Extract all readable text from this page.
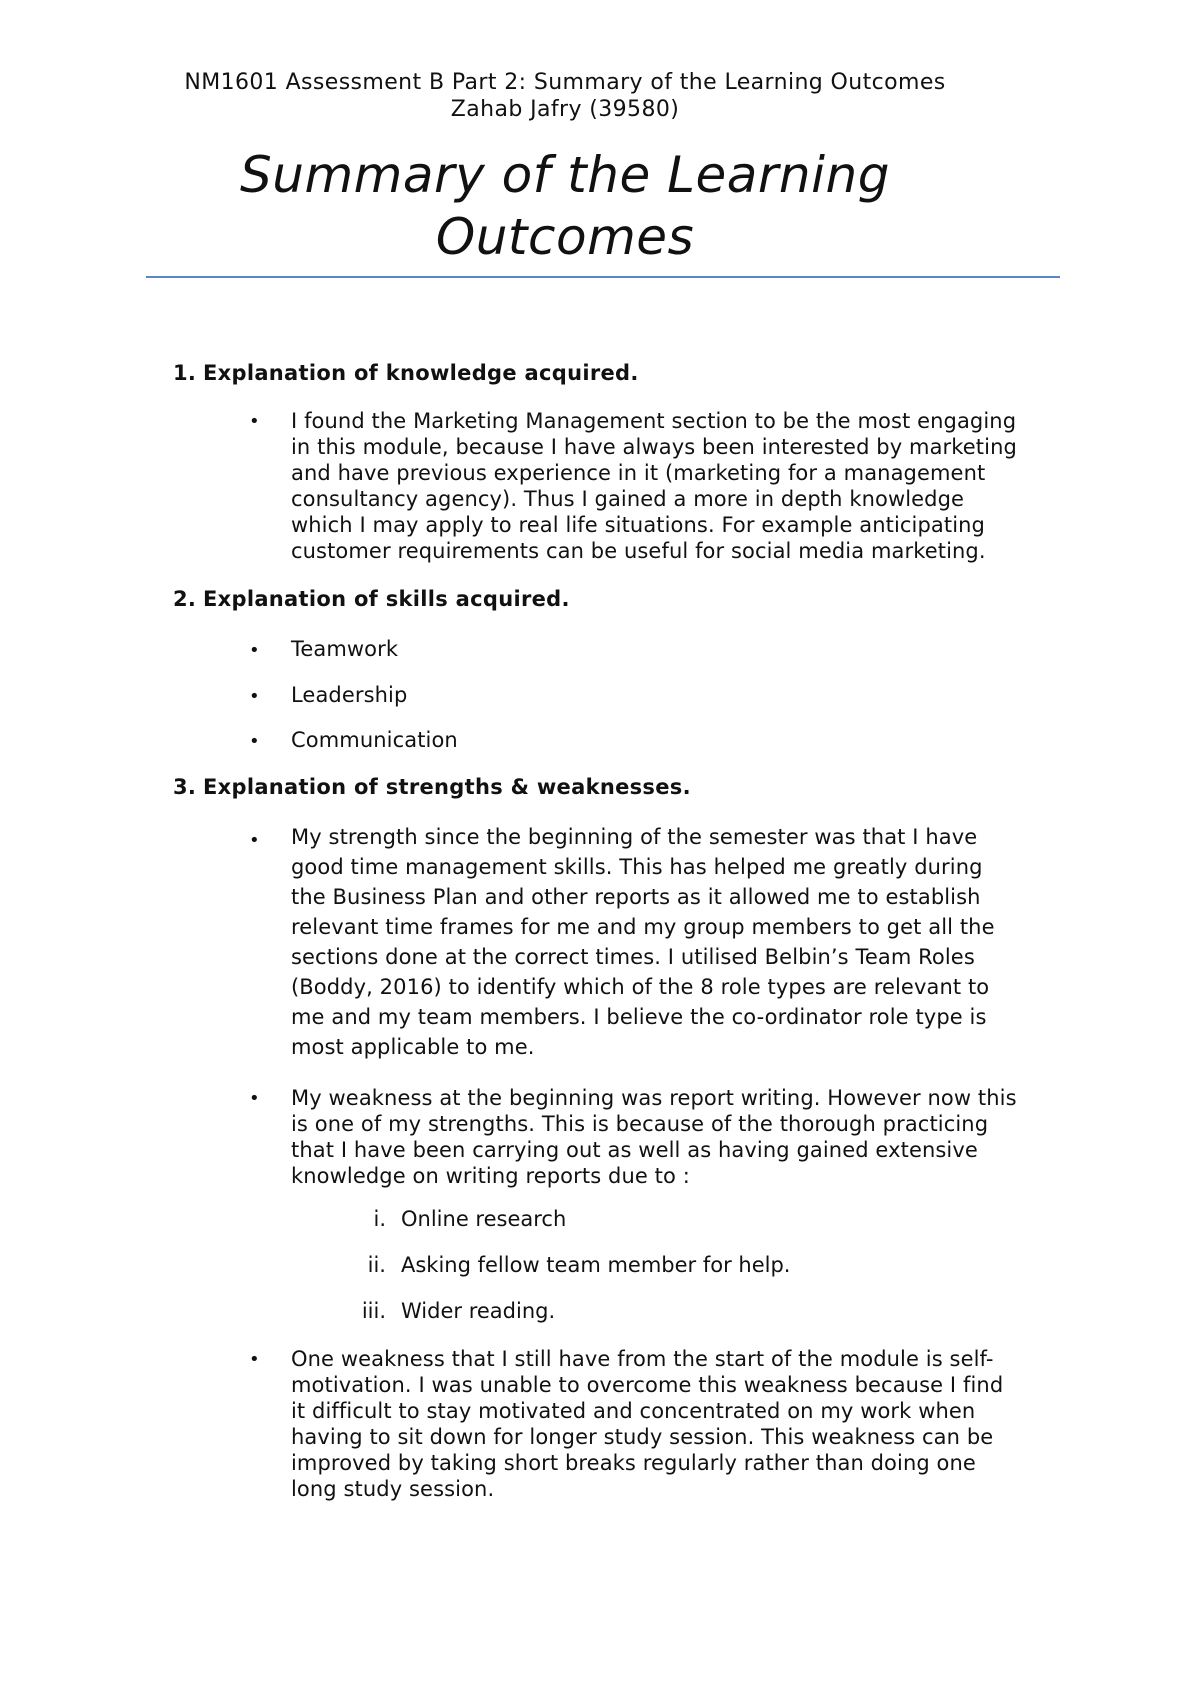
NM1601 Assessment B Part 2: Summary of the Learning Outcomes
Zahab Jafry (39580)
Summary of the Learning
Outcomes
1. Explanation of knowledge acquired.
•	I found the Marketing Management section to be the most engaging
in this module, because I have always been interested by marketing
and have previous experience in it (marketing for a management
consultancy agency). Thus I gained a more in depth knowledge
which I may apply to real life situations. For example anticipating
customer requirements can be useful for social media marketing.
2. Explanation of skills acquired.
•	Teamwork
•	Leadership
•	Communication
3. Explanation of strengths & weaknesses.
•	My strength since the beginning of the semester was that I have
good time management skills. This has helped me greatly during
the Business Plan and other reports as it allowed me to establish
relevant time frames for me and my group members to get all the
sections done at the correct times. I utilised Belbin’s Team Roles
(Boddy, 2016) to identify which of the 8 role types are relevant to
me and my team members. I believe the co-ordinator role type is
most applicable to me.
•	My weakness at the beginning was report writing. However now this
is one of my strengths. This is because of the thorough practicing
that I have been carrying out as well as having gained extensive
knowledge on writing reports due to :
i. Online research
ii. Asking fellow team member for help.
iii. Wider reading.
•	One weakness that I still have from the start of the module is self-
motivation. I was unable to overcome this weakness because I find
it difficult to stay motivated and concentrated on my work when
having to sit down for longer study session. This weakness can be
improved by taking short breaks regularly rather than doing one
long study session.
